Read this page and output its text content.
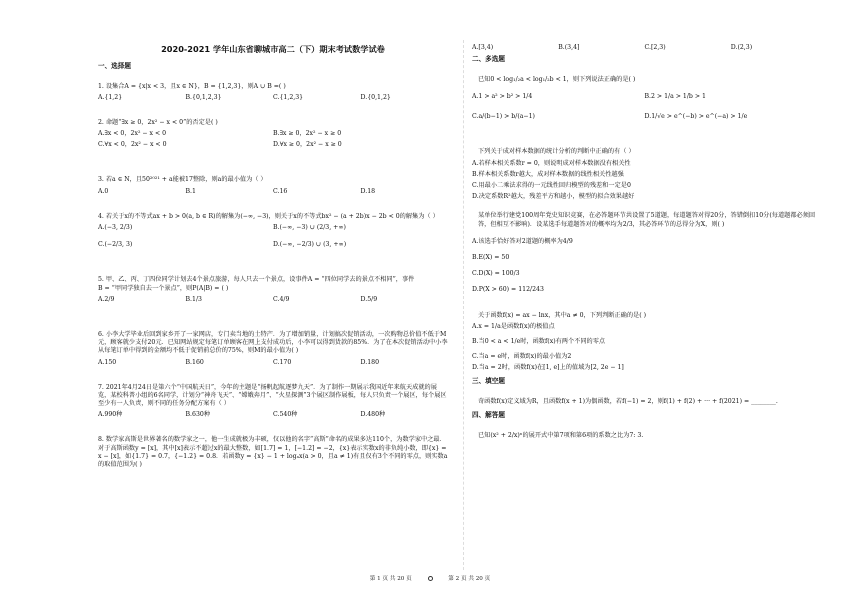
2020-2021 学年山东省聊城市高二（下）期末考试数学试卷
一、选择题
1. 设集合A = {x|x < 3，且x ∈ N}，B = {1,2,3}，则A ∪ B =( )
A.{1,2}	B.{0,1,2,3}	C.{1,2,3}	D.{0,1,2}
2. 命题“∃x ≥ 0，2x² − x < 0”的否定是( )
A.∃x < 0，2x² − x < 0	B.∃x ≥ 0，2x² − x ≥ 0
C.∀x < 0，2x² − x < 0	D.∀x ≥ 0，2x² − x ≥ 0
3. 若a ∈ N，且50²⁰²¹ + a能被17整除，则a的最小值为（ ）
A.0	B.1	C.16	D.18
4. 若关于x的不等式ax + b > 0(a, b ∈ R)的解集为(−∞, −3)，则关于x的不等式bx² − (a + 2b)x − 2b < 0的解集为（ ）
A.(−3, 2/3)	B.(−∞, −3) ∪ (2/3, +∞)
C.(−2/3, 3)	D.(−∞, −2/3) ∪ (3, +∞)
5. 甲、乙、丙、丁四位同学计划去4个景点旅游，每人只去一个景点，设事件A = “四位同学去的景点不相同”，事件
B = “甲同学独自去一个景点”，则P(A|B) = ( )
A.2/9	B.1/3	C.4/9	D.5/9
6. 小李大学毕业后回到家乡开了一家网店，专门卖当地的土特产．为了增加销量，计划搞次促销活动，一次购物总价值不低于M元，顾客就少支付20元．已知网站规定每笔订单顾客在网上支付成功后，小李可以得到货款的85%．为了在本次促销活动中小李从每笔订单中得到的金额均不低于促销前总价的75%，则M的最小值为( )
A.150	B.160	C.170	D.180
7. 2021年4月24日是第六个“中国航天日”，今年的主题是“扬帆起航逐梦九天”．为了制作一期展示我国近年来航天成就的展览，某校科普小组的6名同学，计划分“神舟飞天”、“嫦娥奔月”、“火星探测”3个展区制作展板，每人只负责一个展区，每个展区至少有一人负责，则不同的任务分配方案有（ ）
A.990种	B.630种	C.540种	D.480种
8. 数学家高斯是世界著名的数学家之一，他一生成就极为丰硕，仅以他的名字“高斯”命名的成果多达110个，为数学家中之最．对于高斯函数y = [x]，其中[x]表示不超过x的最大整数，如[1.7] = 1，[−1.2] = −2，{x}表示实数x的非负纯小数，即{x} = x − [x]，如{1.7} = 0.7，{−1.2} = 0.8．若函数y = {x} − 1 + logₐx(a > 0，且a ≠ 1)有且仅有3个不同的零点，则实数a的取值范围为( )
A.[3,4)	B.(3,4]	C.[2,3)	D.(2,3)
二、多选题
已知0 < log₁/₂a < log₁/₂b < 1，则下列说法正确的是( )
A.1 > a² > b² > 1/4	B.2 > 1/a > 1/b > 1
C.a/(b−1) > b/(a−1)	D.1/√e > e^(−b) > e^(−a) > 1/e
下列关于成对样本数据的统计分析的判断中正确的有（ ）
A.若样本相关系数r = 0，则说明成对样本数据没有相关性
B.样本相关系数r越大，成对样本数据的线性相关性越强
C.用最小二乘法求得的一元线性回归模型的残差和一定是0
D.决定系数R²越大，残差平方和越小，模型的拟合效果越好
某单位举行建党100周年党史知识竞赛，在必答题环节共设置了5道题，每道题答对得20分，答错倒扣10分(每道题都必须回答，但相互不影响)．设某选手每道题答对的概率均为2/3，其必答环节的总得分为X，则( )
A.该选手恰好答对2道题的概率为4/9
B.E(X) = 50
C.D(X) = 100/3
D.P(X > 60) = 112/243
关于函数f(x) = ax − lnx，其中a ≠ 0，下列判断正确的是( )
A.x = 1/a是函数f(x)的极值点
B.当0 < a < 1/e时，函数f(x)有两个不同的零点
C.当a = e时，函数f(x)的最小值为2
D.当a = 2时，函数f(x)在[1, e]上的值域为[2, 2e − 1]
三、填空题
奇函数f(x)定义域为R，且函数f(x + 1)为偶函数，若f(−1) = 2，则f(1) + f(2) + ··· + f(2021) = ________.
四、解答题
已知(x² + 2/x)ⁿ的展开式中第7项和第6项的系数之比为7: 3.
第 1 页 共 20 页	第 2 页 共 20 页
